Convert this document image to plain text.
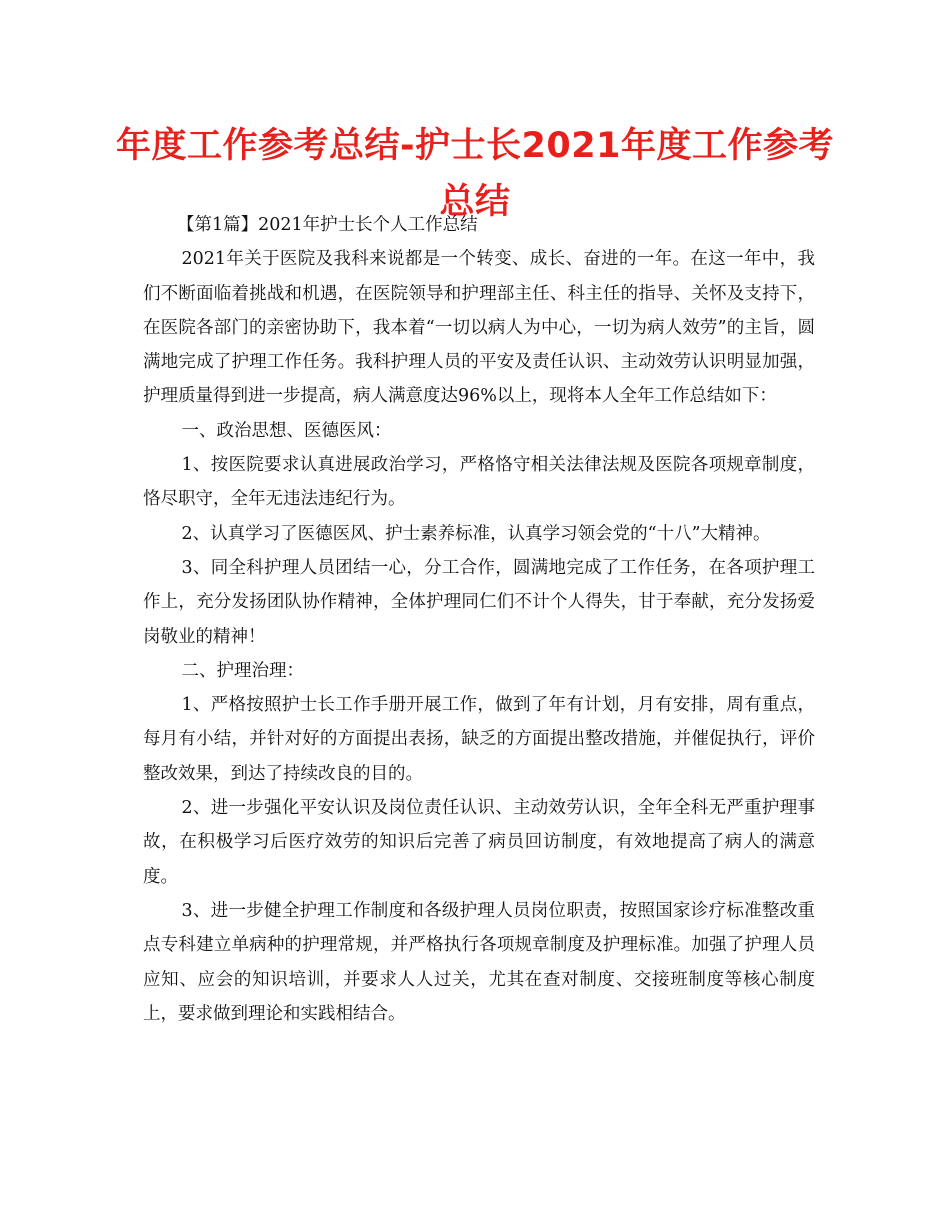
年度工作参考总结-护士长2021年度工作参考总结

【第1篇】2021年护士长个人工作总结

2021年关于医院及我科来说都是一个转变、成长、奋进的一年。在这一年中，我们不断面临着挑战和机遇，在医院领导和护理部主任、科主任的指导、关怀及支持下，在医院各部门的亲密协助下，我本着“一切以病人为中心，一切为病人效劳”的主旨，圆满地完成了护理工作任务。我科护理人员的平安及责任认识、主动效劳认识明显加强，护理质量得到进一步提高，病人满意度达96%以上，现将本人全年工作总结如下：

一、政治思想、医德医风：

1、按医院要求认真进展政治学习，严格恪守相关法律法规及医院各项规章制度，恪尽职守，全年无违法违纪行为。

2、认真学习了医德医风、护士素养标准，认真学习领会党的“十八”大精神。

3、同全科护理人员团结一心，分工合作，圆满地完成了工作任务，在各项护理工作上，充分发扬团队协作精神，全体护理同仁们不计个人得失，甘于奉献，充分发扬爱岗敬业的精神！

二、护理治理：

1、严格按照护士长工作手册开展工作，做到了年有计划，月有安排，周有重点，每月有小结，并针对好的方面提出表扬，缺乏的方面提出整改措施，并催促执行，评价整改效果，到达了持续改良的目的。

2、进一步强化平安认识及岗位责任认识、主动效劳认识，全年全科无严重护理事故，在积极学习后医疗效劳的知识后完善了病员回访制度，有效地提高了病人的满意度。

3、进一步健全护理工作制度和各级护理人员岗位职责，按照国家诊疗标准整改重点专科建立单病种的护理常规，并严格执行各项规章制度及护理标准。加强了护理人员应知、应会的知识培训，并要求人人过关，尤其在查对制度、交接班制度等核心制度上，要求做到理论和实践相结合。
